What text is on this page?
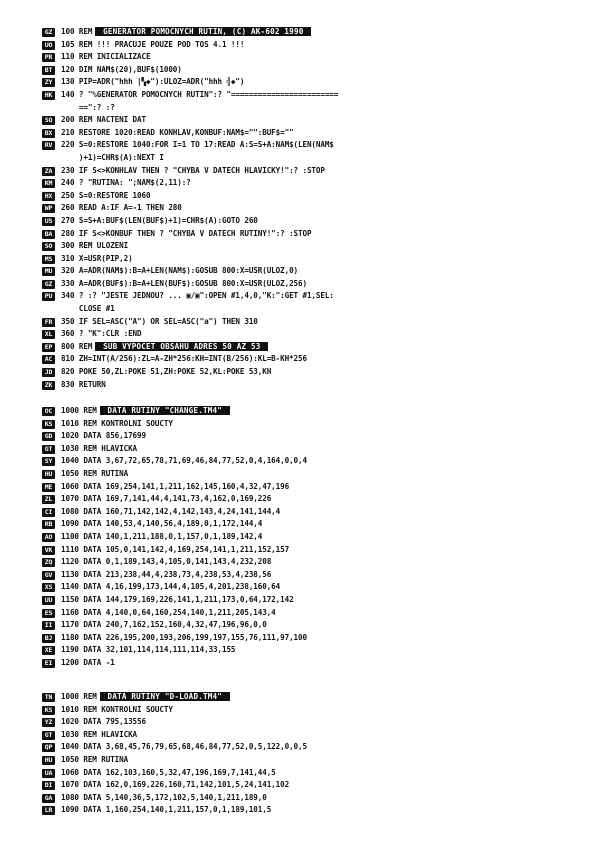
GZ	100 REM GENERATOR POMOCNYCH RUTIN, (C) AK-602 1990
UO	105 REM !!! PRACUJE POUZE POD TOS 4.1 !!!
PR	110 REM INICIALIZACE
BT	120 DIM NAM$(20),BUF$(1000)
ZY	130 PIP=ADR("hhh |▚◆"):ULOZ=ADR("hhh ╣◆")
HK	140 ? "%GENERATOR POMOCNYCH RUTIN":? "========================
==":? :?
SQ	200 REM NACTENI DAT
BX	210 RESTORE 1020:READ KONHLAV,KONBUF:NAM$="":BUF$=""
RV	220 S=0:RESTORE 1040:FOR I=1 TO 17:READ A:S=S+A:NAM$(LEN(NAM$
)+1)=CHR$(A):NEXT I
ZA	230 IF S<>KONHLAV THEN ? "CHYBA V DATECH HLAVICKY!":? :STOP
KM	240 ? "RUTINA: ";NAM$(2,11):?
HX	250 S=0:RESTORE 1060
WP	260 READ A:IF A=-1 THEN 280
US	270 S=S+A:BUF$(LEN(BUF$)+1)=CHR$(A):GOTO 260
BA	280 IF S<>KONBUF THEN ? "CHYBA V DATECH RUTINY!":? :STOP
SO	300 REM ULOZENI
MS	310 X=USR(PIP,2)
MU	320 A=ADR(NAM$):B=A+LEN(NAM$):GOSUB 800:X=USR(ULOZ,0)
GZ	330 A=ADR(BUF$):B=A+LEN(BUF$):GOSUB 800:X=USR(ULOZ,256)
PU	340 ? :? "JESTE JEDNOU? ... ▣/▣":OPEN #1,4,0,"K:":GET #1,SEL:
CLOSE #1
FR	350 IF SEL=ASC("A") OR SEL=ASC("a") THEN 310
XL	360 ? "K":CLR :END
EP	800 REM SUB VYPOCET OBSAHU ADRES 50 AZ 53
AC	810 ZH=INT(A/256):ZL=A-ZH*256:KH=INT(B/256):KL=B-KH*256
JD	820 POKE 50,ZL:POKE 51,ZH:POKE 52,KL:POKE 53,KH
ZK	830 RETURN
OC	1000 REM DATA RUTINY "CHANGE.TM4"
KS	1010 REM KONTROLNI SOUCTY
GD	1020 DATA 856,17699
GT	1030 REM HLAVICKA
SY	1040 DATA 3,67,72,65,78,71,69,46,84,77,52,0,4,164,0,0,4
HU	1050 REM RUTINA
ME	1060 DATA 169,254,141,1,211,162,145,160,4,32,47,196
ZL	1070 DATA 169,7,141,44,4,141,73,4,162,0,169,226
CI	1080 DATA 160,71,142,142,4,142,143,4,24,141,144,4
RB	1090 DATA 140,53,4,140,56,4,189,0,1,172,144,4
AO	1100 DATA 140,1,211,188,0,1,157,0,1,189,142,4
VK	1110 DATA 105,0,141,142,4,169,254,141,1,211,152,157
ZQ	1120 DATA 0,1,189,143,4,105,0,141,143,4,232,208
GV	1130 DATA 213,238,44,4,238,73,4,238,53,4,238,56
XS	1140 DATA 4,16,199,173,144,4,105,4,201,238,160,64
UU	1150 DATA 144,179,169,226,141,1,211,173,0,64,172,142
ES	1160 DATA 4,140,0,64,160,254,140,1,211,205,143,4
II	1170 DATA 240,7,162,152,160,4,32,47,196,96,0,0
BJ	1180 DATA 226,195,200,193,206,199,197,155,76,111,97,100
XE	1190 DATA 32,101,114,114,111,114,33,155
EI	1200 DATA -1
TN	1000 REM DATA RUTINY "D-LOAD.TM4"
KS	1010 REM KONTROLNI SOUCTY
YZ	1020 DATA 795,13556
GT	1030 REM HLAVICKA
QP	1040 DATA 3,68,45,76,79,65,68,46,84,77,52,0,5,122,0,0,5
HU	1050 REM RUTINA
UA	1060 DATA 162,103,160,5,32,47,196,169,7,141,44,5
DI	1070 DATA 162,0,169,226,160,71,142,101,5,24,141,102
GA	1080 DATA 5,140,36,5,172,102,5,140,1,211,189,0
LR	1090 DATA 1,160,254,140,1,211,157,0,1,189,101,5
